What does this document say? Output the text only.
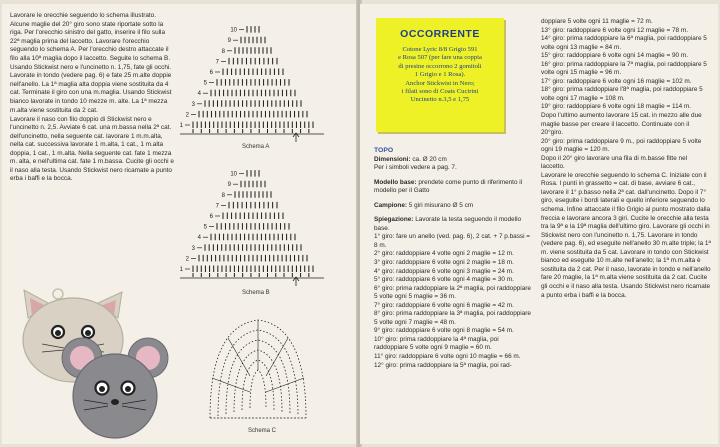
Lavorare le orecchie seguendo lo schema illustrato. Alcune maglie del 20° giro sono state riportate sotto la riga. Per l'orecchio sinistro del gatto, inserire il filo sulla 22ª maglia prima del laccetto. Lavorare l'orecchio seguendo lo schema A. Per l'orecchio destro attaccate il filo alla 10ª maglia dopo il laccetto. Seguite lo schema B.

Usando Stickwist nero e l'uncinetto n. 1,75, fate gli occhi. Lavorate in tondo (vedere pag. 6) e fate 25 m.alte doppie nell'anello. La 1ª maglia alta doppia viene sostituita da 4 cat. Terminate il giro con una m.maglia. Usando Stickwist bianco lavorate in tondo 10 mezze m. alte. La 1ª mezza m.alta viene sostituita da 2 cat.

Lavorare il naso con filo doppio di Stickwist nero e l'uncinetto n. 2,5. Avviate 6 cat. una m.bassa nella 2ª cat. dell'uncinetto, nella seguente cat. lavorare 1 m.m.alta, nella cat. successiva lavorate 1 m.alta, 1 cat., 1 m.alta doppia, 1 cat., 1 m.alta. Nella seguente cat. fate 1 mezza m. alta, e nell'ultima cat. fate 1 m.bassa. Cucite gli occhi e il naso alla testa. Usando Stickwist nero ricamate a punto erba i baffi e la bocca.

1
2
3
4
5
6
7
8
9
10
Schema A
1
2
3
4
5
6
7
8
9
10
Schema B
Schema C
OCCORRENTE
Cotone Lyric 8/8 Grigio 591
e Rosa 507 (per fare una coppia
di presine occorrono 2 gomitoli
1 Grigio e 1 Rosa).
Anchor Stickwist in Nero;
i filati sono di Coats Cucirini
Uncinetto n.3,5 e 1,75

TOPO

Dimensioni: ca. Ø 20 cm

Per i simboli vedere a pag. 7.

Modello base: prendete come punto di riferimento il modello per il Gatto

Campione: 5 giri misurano Ø 5 cm

Spiegazione: Lavorate la testa seguendo il modello base.

1° giro: fare un anello (ved. pag. 6), 2 cat. + 7 p.bassi = 8 m.

2° giro: raddoppiare 4 volte ogni 2 maglie = 12 m.

3° giro: raddoppiare 6 volte ogni 2 maglie = 18 m.

4° giro: raddoppiare 6 volte ogni 3 maglie = 24 m.

5° giro: raddoppiare 6 volte ogni 4 maglie = 30 m.

6° giro: prima raddoppiare la 2ª maglia, poi raddoppiare 5 volte ogni 5 maglie = 36 m.

7° giro: raddoppiare 6 volte ogni 6 maglie = 42 m.

8° giro: prima raddoppiare la 3ª maglia, poi raddoppiare 5 volte ogni 7 maglie = 48 m.

9° giro: raddoppiare 6 volte ogni 8 maglie = 54 m.

10° giro: prima raddoppiare la 4ª maglia, poi raddoppiare 5 volte ogni 9 maglie = 60 m.

11° giro: raddoppiare 6 volte ogni 10 maglie = 66 m.

12° giro: prima raddoppiare la 5ª maglia, poi rad-

doppiare 5 volte ogni 11 maglie = 72 m.

13° giro: raddoppiare 6 volte ogni 12 maglie = 78 m.

14° giro: prima raddoppiare la 6ª maglia, poi raddoppiare 5 volte ogni 13 maglie = 84 m.

15° giro: raddoppiare 6 volte ogni 14 maglie = 90 m.

16° giro: prima raddoppiare la 7ª maglia, poi raddoppiare 5 volte ogni 15 maglie = 96 m.

17° giro: raddoppiare 6 volte ogni 16 maglie = 102 m.

18° giro: prima raddoppiare l'8ª maglia, poi raddoppiare 5 volte ogni 17 maglie = 108 m.

19° giro: raddoppiare 6 volte ogni 18 maglie = 114 m.

Dopo l'ultimo aumento lavorare 15 cat. in mezzo alle due maglie basse per creare il laccetto. Continuate con il 20°giro.

20° giro: prima raddoppiare 9 m., poi raddoppiare 5 volte ogni 19 maglie = 120 m.

Dopo il 20° giro lavorare una fila di m.basse fitte nel laccetto.

Lavorare le orecchie seguendo lo schema C. Iniziate con il Rosa. I punti in grassetto = cat. di base, avviare 6 cat., lavorare il 1° p.basso nella 2ª cat. dall'uncinetto. Dopo il 7° giro, eseguite i bordi laterali e quello inferiore seguendo lo schema. Infine attaccate il filo Grigio al punto mostrato dalla freccia e lavorare ancora 3 giri. Cucite le orecchie alla testa tra la 9ª e la 19ª maglia dell'ultimo giro. Lavorare gli occhi in Stickwist nero con l'uncinetto n. 1,75. Lavorare in tondo (vedere pag. 6), ed eseguite nell'anello 30 m.alte triple; la 1ª m. viene sostituita da 5 cat. Lavorare in tondo con Stickwist bianco ed eseguite 10 m.alte nell'anello; la 1ª m.m.alta è sostituita da 2 cat. Per il naso, lavorate in tondo e nell'anello fare 20 maglie, la 1ª m.alta viene sostituita da 2 cat. Cucite gli occhi e il naso alla testa. Usando Stickwist nero ricamate a punto erba i baffi e la bocca.
